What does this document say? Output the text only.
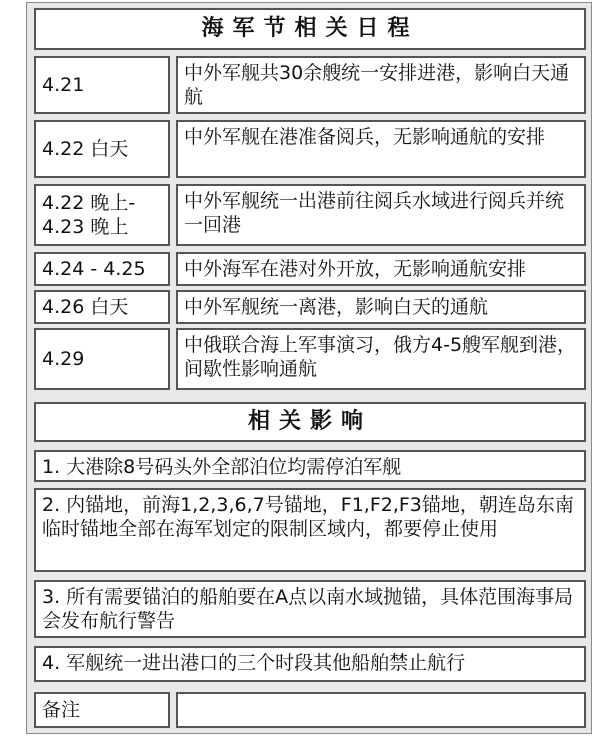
海军节相关日程
4.21
中外军舰共30余艘统一安排进港，影响白天通航
4.22 白天
中外军舰在港准备阅兵，无影响通航的安排
4.22 晚上-
4.23 晚上
中外军舰统一出港前往阅兵水域进行阅兵并统一回港
4.24 - 4.25	中外海军在港对外开放，无影响通航安排
4.26 白天	中外军舰统一离港，影响白天的通航
4.29
中俄联合海上军事演习，俄方4-5艘军舰到港，间歇性影响通航
相关影响
1. 大港除8号码头外全部泊位均需停泊军舰
2. 内锚地，前海1,2,3,6,7号锚地，F1,F2,F3锚地，朝连岛东南临时锚地全部在海军划定的限制区域内，都要停止使用
3. 所有需要锚泊的船舶要在A点以南水域抛锚，具体范围海事局会发布航行警告
4. 军舰统一进出港口的三个时段其他船舶禁止航行
备注
